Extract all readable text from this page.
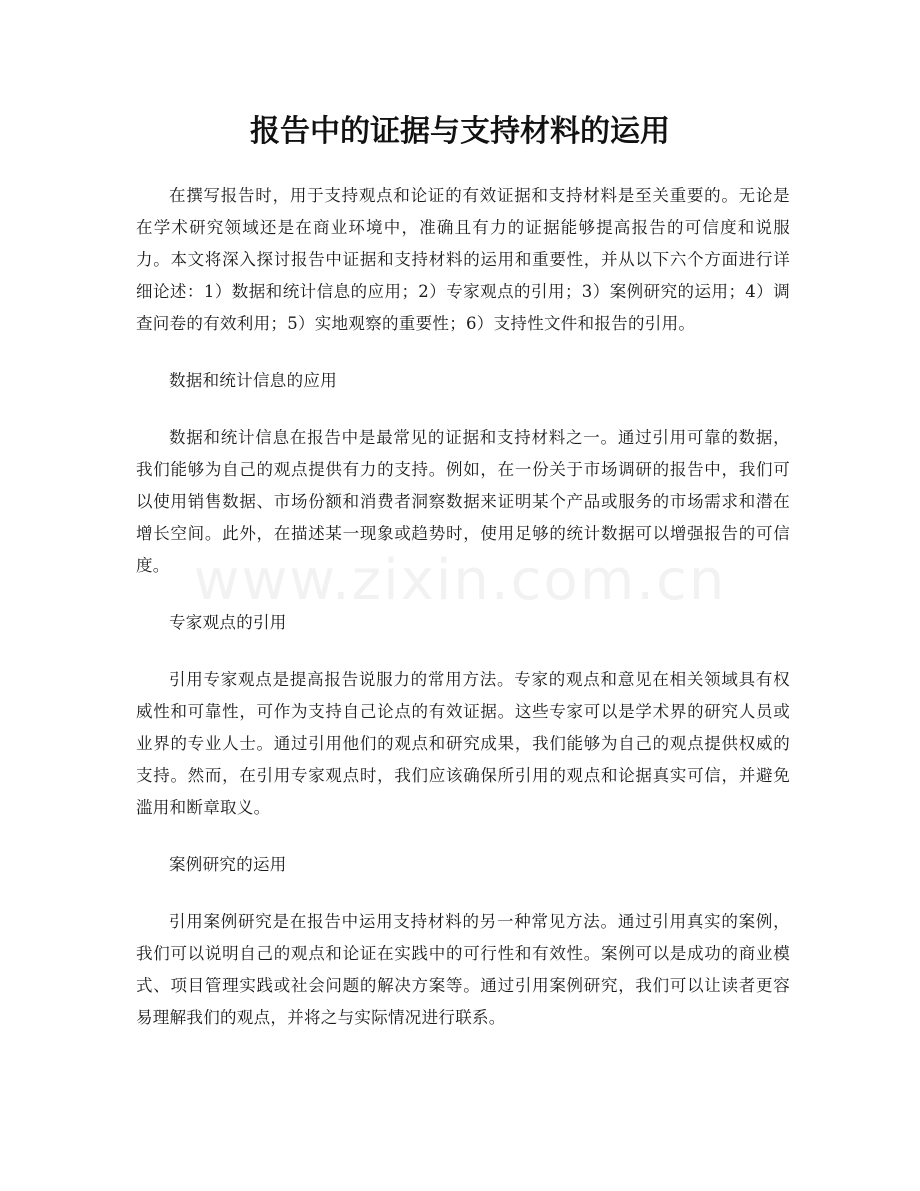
报告中的证据与支持材料的运用

在撰写报告时，用于支持观点和论证的有效证据和支持材料是至关重要的。无论是在学术研究领域还是在商业环境中，准确且有力的证据能够提高报告的可信度和说服力。本文将深入探讨报告中证据和支持材料的运用和重要性，并从以下六个方面进行详细论述：1）数据和统计信息的应用；2）专家观点的引用；3）案例研究的运用；4）调查问卷的有效利用；5）实地观察的重要性；6）支持性文件和报告的引用。

数据和统计信息的应用

数据和统计信息在报告中是最常见的证据和支持材料之一。通过引用可靠的数据，我们能够为自己的观点提供有力的支持。例如，在一份关于市场调研的报告中，我们可以使用销售数据、市场份额和消费者洞察数据来证明某个产品或服务的市场需求和潜在增长空间。此外，在描述某一现象或趋势时，使用足够的统计数据可以增强报告的可信度。

专家观点的引用

引用专家观点是提高报告说服力的常用方法。专家的观点和意见在相关领域具有权威性和可靠性，可作为支持自己论点的有效证据。这些专家可以是学术界的研究人员或业界的专业人士。通过引用他们的观点和研究成果，我们能够为自己的观点提供权威的支持。然而，在引用专家观点时，我们应该确保所引用的观点和论据真实可信，并避免滥用和断章取义。

案例研究的运用

引用案例研究是在报告中运用支持材料的另一种常见方法。通过引用真实的案例，我们可以说明自己的观点和论证在实践中的可行性和有效性。案例可以是成功的商业模式、项目管理实践或社会问题的解决方案等。通过引用案例研究，我们可以让读者更容易理解我们的观点，并将之与实际情况进行联系。

www.zixin.com.cn
